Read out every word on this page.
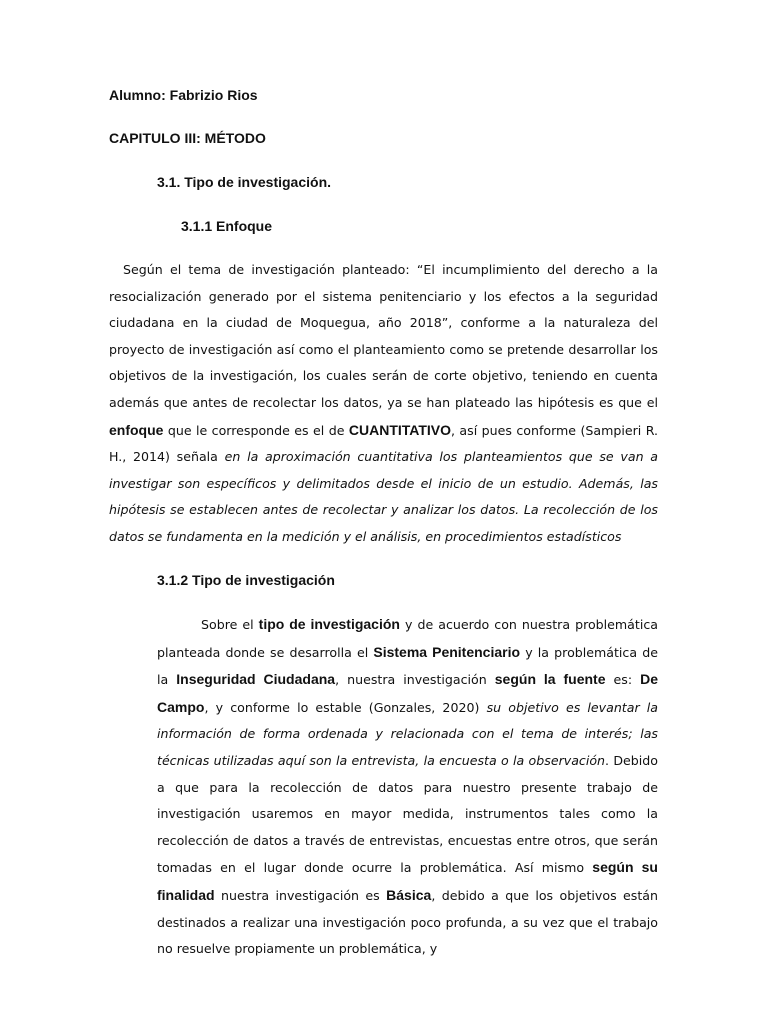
Alumno: Fabrizio Rios

CAPITULO III: MÉTODO

3.1. Tipo de investigación.

3.1.1 Enfoque

Según el tema de investigación planteado: “El incumplimiento del derecho a la resocialización generado por el sistema penitenciario y los efectos a la seguridad ciudadana en la ciudad de Moquegua, año 2018”, conforme a la naturaleza del proyecto de investigación así como el planteamiento como se pretende desarrollar los objetivos de la investigación, los cuales serán de corte objetivo, teniendo en cuenta además que antes de recolectar los datos, ya se han plateado las hipótesis es que el enfoque que le corresponde es el de CUANTITATIVO, así pues conforme (Sampieri R. H., 2014) señala en la aproximación cuantitativa los planteamientos que se van a investigar son específicos y delimitados desde el inicio de un estudio. Además, las hipótesis se establecen antes de recolectar y analizar los datos. La recolección de los datos se fundamenta en la medición y el análisis, en procedimientos estadísticos

3.1.2 Tipo de investigación

Sobre el tipo de investigación y de acuerdo con nuestra problemática planteada donde se desarrolla el Sistema Penitenciario y la problemática de la Inseguridad Ciudadana, nuestra investigación según la fuente es: De Campo, y conforme lo estable (Gonzales, 2020) su objetivo es levantar la información de forma ordenada y relacionada con el tema de interés; las técnicas utilizadas aquí son la entrevista, la encuesta o la observación. Debido a que para la recolección de datos para nuestro presente trabajo de investigación usaremos en mayor medida, instrumentos tales como la recolección de datos a través de entrevistas, encuestas entre otros, que serán tomadas en el lugar donde ocurre la problemática. Así mismo según su finalidad nuestra investigación es Básica, debido a que los objetivos están destinados a realizar una investigación poco profunda, a su vez que el trabajo no resuelve propiamente un problemática, y
